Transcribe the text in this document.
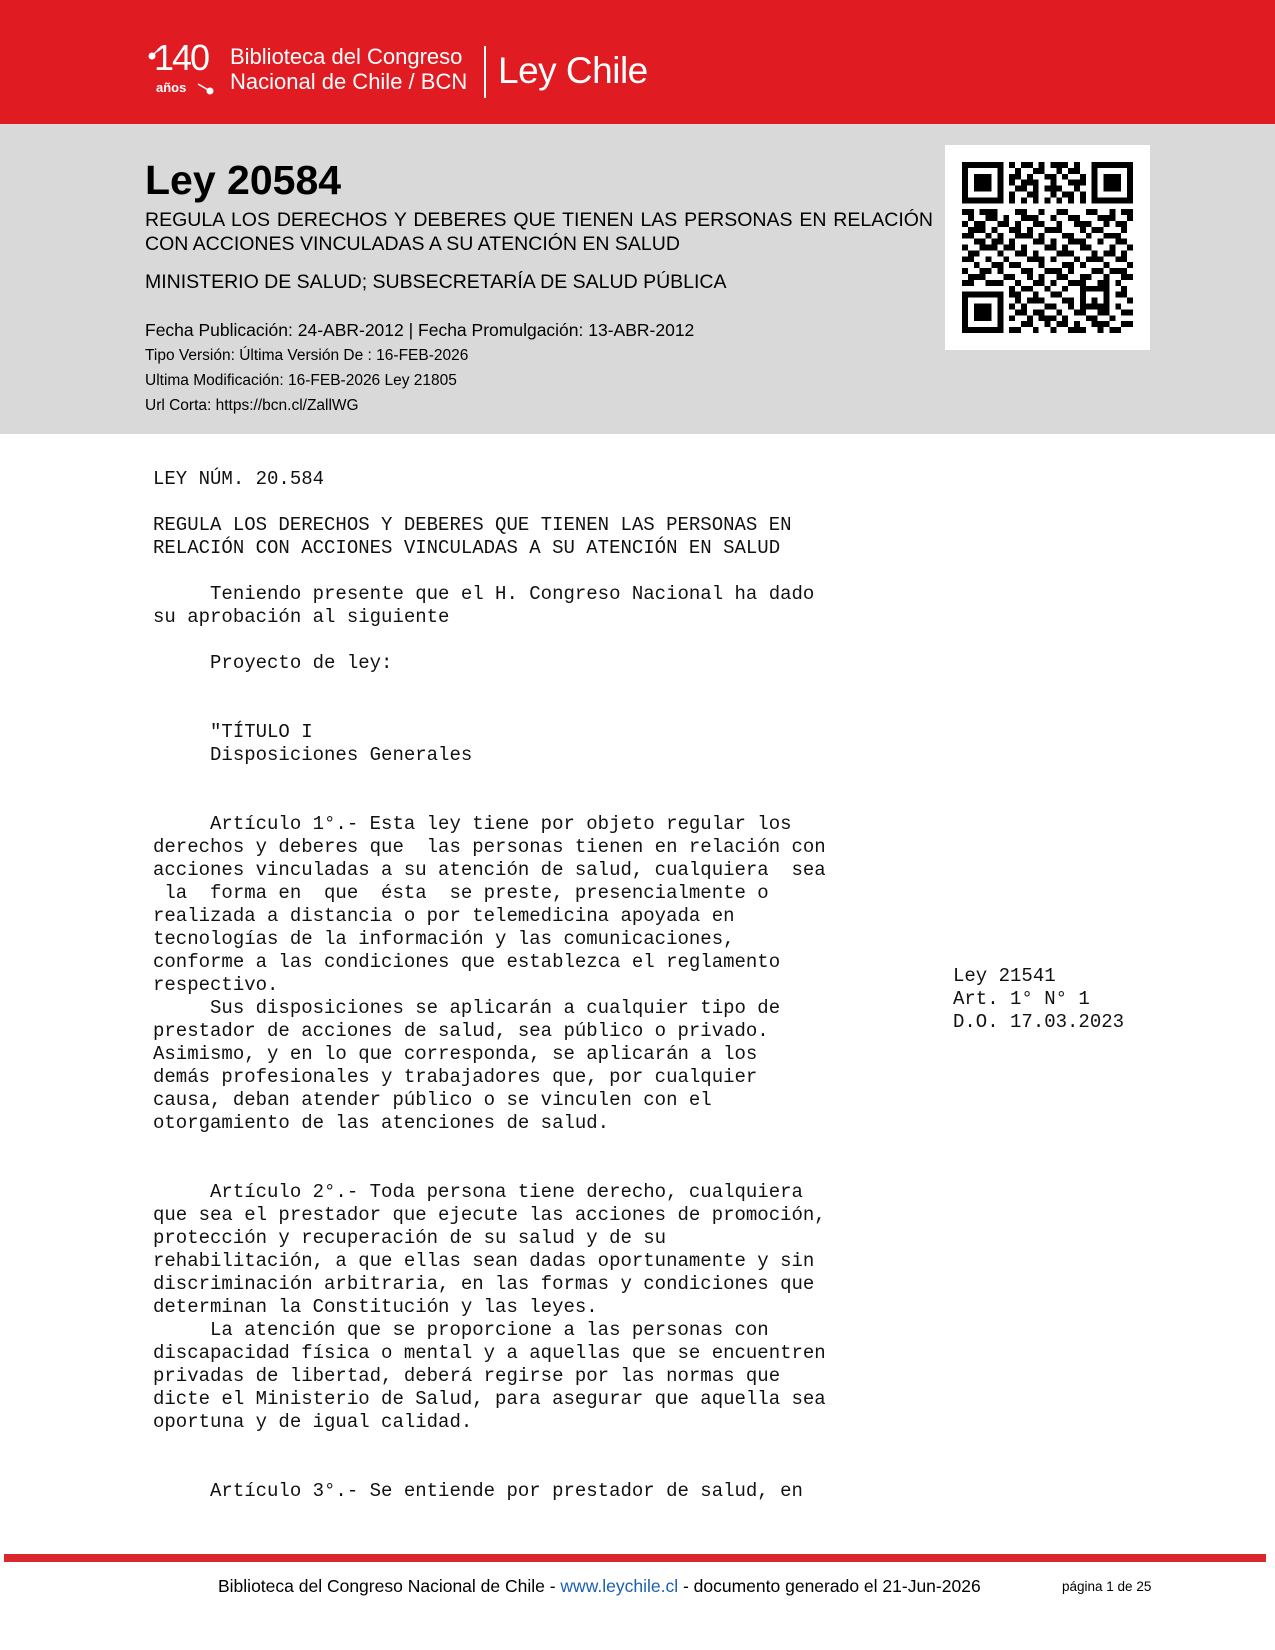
140
años
Biblioteca del Congreso
Nacional de Chile / BCN Ley Chile
Ley 20584
REGULA LOS DERECHOS Y DEBERES QUE TIENEN LAS PERSONAS EN RELACIÓN CON ACCIONES VINCULADAS A SU ATENCIÓN EN SALUD
MINISTERIO DE SALUD; SUBSECRETARÍA DE SALUD PÚBLICA
Fecha Publicación: 24-ABR-2012 | Fecha Promulgación: 13-ABR-2012
Tipo Versión: Última Versión De : 16-FEB-2026
Ultima Modificación: 16-FEB-2026 Ley 21805
Url Corta: https://bcn.cl/ZallWG
LEY NÚM. 20.584

REGULA LOS DERECHOS Y DEBERES QUE TIENEN LAS PERSONAS EN
RELACIÓN CON ACCIONES VINCULADAS A SU ATENCIÓN EN SALUD

Teniendo presente que el H. Congreso Nacional ha dado
su aprobación al siguiente

Proyecto de ley:

"TÍTULO I
Disposiciones Generales

Artículo 1°.- Esta ley tiene por objeto regular los
derechos y deberes que  las personas tienen en relación con
acciones vinculadas a su atención de salud, cualquiera  sea
la  forma en  que  ésta  se preste, presencialmente o
realizada a distancia o por telemedicina apoyada en
tecnologías de la información y las comunicaciones,
conforme a las condiciones que establezca el reglamento
respectivo.
Sus disposiciones se aplicarán a cualquier tipo de
prestador de acciones de salud, sea público o privado.
Asimismo, y en lo que corresponda, se aplicarán a los
demás profesionales y trabajadores que, por cualquier
causa, deban atender público o se vinculen con el
otorgamiento de las atenciones de salud.

Artículo 2°.- Toda persona tiene derecho, cualquiera
que sea el prestador que ejecute las acciones de promoción,
protección y recuperación de su salud y de su
rehabilitación, a que ellas sean dadas oportunamente y sin
discriminación arbitraria, en las formas y condiciones que
determinan la Constitución y las leyes.
La atención que se proporcione a las personas con
discapacidad física o mental y a aquellas que se encuentren
privadas de libertad, deberá regirse por las normas que
dicte el Ministerio de Salud, para asegurar que aquella sea
oportuna y de igual calidad.

Artículo 3°.- Se entiende por prestador de salud, en
Ley 21541
Art. 1° N° 1
D.O. 17.03.2023
Biblioteca del Congreso Nacional de Chile - www.leychile.cl - documento generado el 21-Jun-2026	página 1 de 25
